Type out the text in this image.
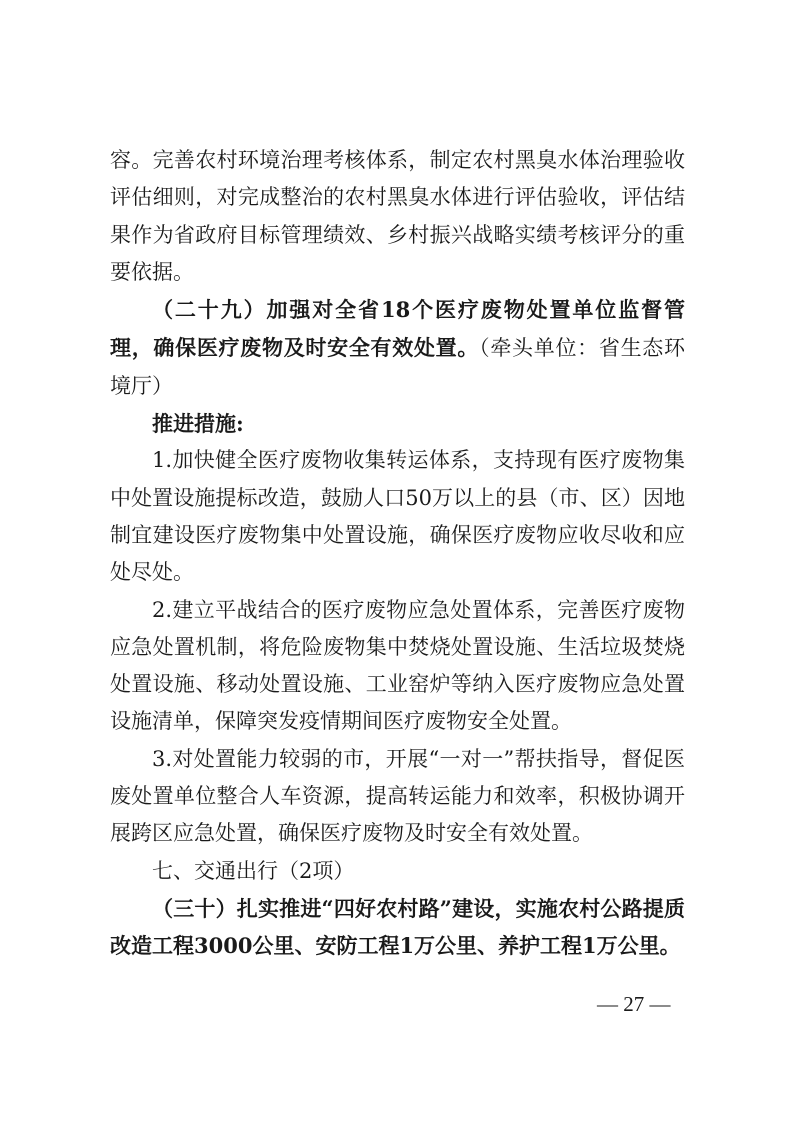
容。完善农村环境治理考核体系，制定农村黑臭水体治理验收评估细则，对完成整治的农村黑臭水体进行评估验收，评估结果作为省政府目标管理绩效、乡村振兴战略实绩考核评分的重要依据。

（二十九）加强对全省18个医疗废物处置单位监督管理，确保医疗废物及时安全有效处置。（牵头单位：省生态环境厅）

推进措施:

1.加快健全医疗废物收集转运体系，支持现有医疗废物集中处置设施提标改造，鼓励人口50万以上的县（市、区）因地制宜建设医疗废物集中处置设施，确保医疗废物应收尽收和应处尽处。

2.建立平战结合的医疗废物应急处置体系，完善医疗废物应急处置机制，将危险废物集中焚烧处置设施、生活垃圾焚烧处置设施、移动处置设施、工业窑炉等纳入医疗废物应急处置设施清单，保障突发疫情期间医疗废物安全处置。

3.对处置能力较弱的市，开展“一对一”帮扶指导，督促医废处置单位整合人车资源，提高转运能力和效率，积极协调开展跨区应急处置，确保医疗废物及时安全有效处置。

七、交通出行（2项）

（三十）扎实推进“四好农村路”建设，实施农村公路提质改造工程3000公里、安防工程1万公里、养护工程1万公里。

— 27 —
